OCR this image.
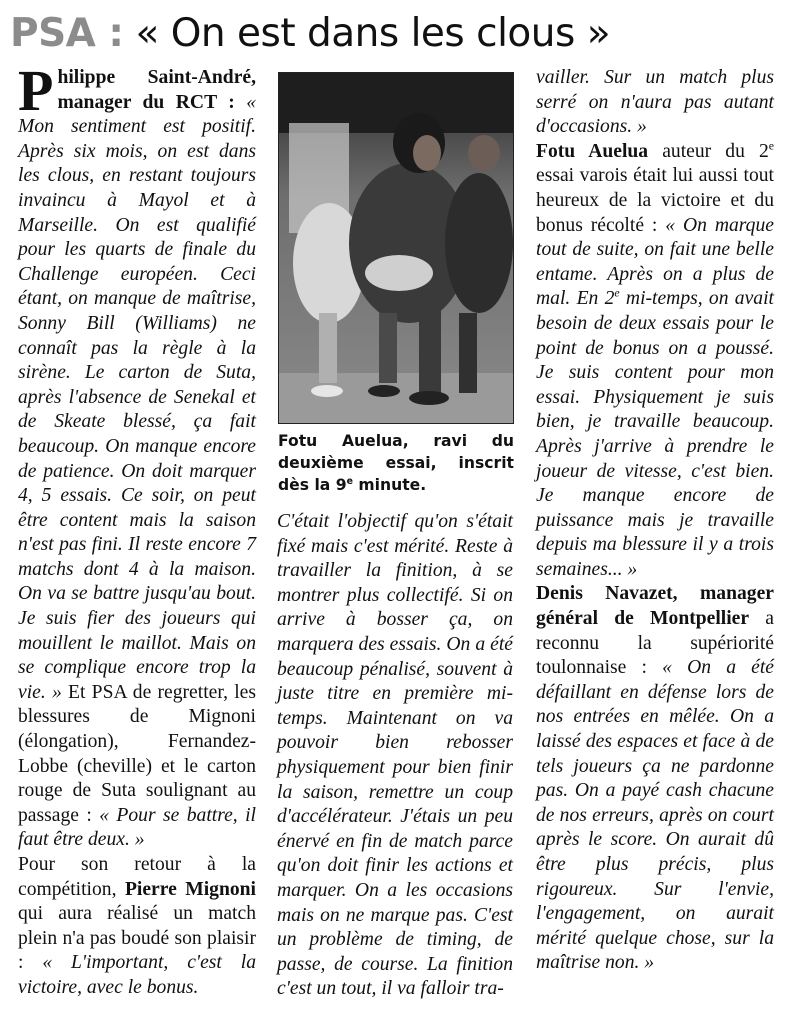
PSA : « On est dans les clous »

Philippe Saint-André, manager du RCT : « Mon sentiment est positif. Après six mois, on est dans les clous, en restant toujours invaincu à Mayol et à Marseille. On est qualifié pour les quarts de finale du Challenge européen. Ceci étant, on manque de maîtrise, Sonny Bill (Williams) ne connaît pas la règle à la sirène. Le carton de Suta, après l'absence de Senekal et de Skeate blessé, ça fait beaucoup. On manque encore de patience. On doit marquer 4, 5 essais. Ce soir, on peut être content mais la saison n'est pas fini. Il reste encore 7 matchs dont 4 à la maison. On va se battre jusqu'au bout. Je suis fier des joueurs qui mouillent le maillot. Mais on se complique encore trop la vie. » Et PSA de regretter, les blessures de Mignoni (élongation), Fernandez-Lobbe (cheville) et le carton rouge de Suta soulignant au passage : « Pour se battre, il faut être deux. »

Pour son retour à la compétition, Pierre Mignoni qui aura réalisé un match plein n'a pas boudé son plaisir : « L'important, c'est la victoire, avec le bonus.

Fotu Auelua, ravi du deuxième essai, inscrit dès la 9e minute.

C'était l'objectif qu'on s'était fixé mais c'est mérité. Reste à travailler la finition, à se montrer plus collectifé. Si on arrive à bosser ça, on marquera des essais. On a été beaucoup pénalisé, souvent à juste titre en première mi-temps. Maintenant on va pouvoir bien rebosser physiquement pour bien finir la saison, remettre un coup d'accélérateur. J'étais un peu énervé en fin de match parce qu'on doit finir les actions et marquer. On a les occasions mais on ne marque pas. C'est un problème de timing, de passe, de course. La finition c'est un tout, il va falloir tra-

vailler. Sur un match plus serré on n'aura pas autant d'occasions. »

Fotu Auelua auteur du 2e essai varois était lui aussi tout heureux de la victoire et du bonus récolté : « On marque tout de suite, on fait une belle entame. Après on a plus de mal. En 2e mi-temps, on avait besoin de deux essais pour le point de bonus on a poussé. Je suis content pour mon essai. Physiquement je suis bien, je travaille beaucoup. Après j'arrive à prendre le joueur de vitesse, c'est bien. Je manque encore de puissance mais je travaille depuis ma blessure il y a trois semaines... »

Denis Navazet, manager général de Montpellier a reconnu la supériorité toulonnaise : « On a été défaillant en défense lors de nos entrées en mêlée. On a laissé des espaces et face à de tels joueurs ça ne pardonne pas. On a payé cash chacune de nos erreurs, après on court après le score. On aurait dû être plus précis, plus rigoureux. Sur l'envie, l'engagement, on aurait mérité quelque chose, sur la maîtrise non. »
